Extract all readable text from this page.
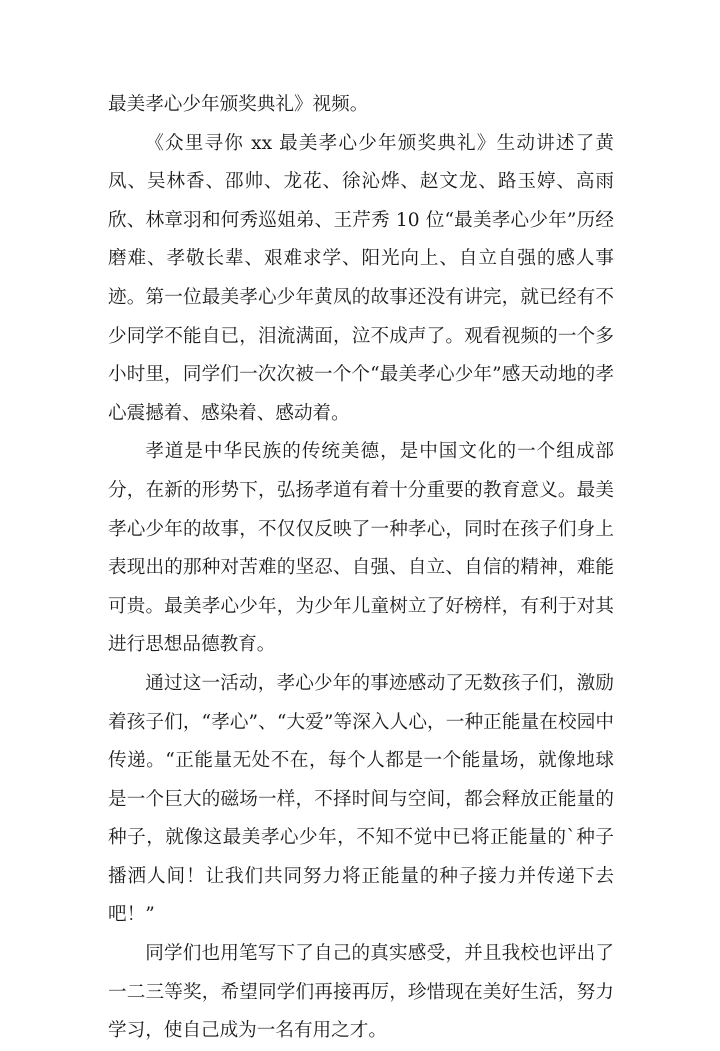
最美孝心少年颁奖典礼》视频。

《众里寻你 xx 最美孝心少年颁奖典礼》生动讲述了黄凤、吴林香、邵帅、龙花、徐沁烨、赵文龙、路玉婷、高雨欣、林章羽和何秀巡姐弟、王芹秀 10 位“最美孝心少年”历经磨难、孝敬长辈、艰难求学、阳光向上、自立自强的感人事迹。第一位最美孝心少年黄凤的故事还没有讲完，就已经有不少同学不能自已，泪流满面，泣不成声了。观看视频的一个多小时里，同学们一次次被一个个“最美孝心少年”感天动地的孝心震撼着、感染着、感动着。

孝道是中华民族的传统美德，是中国文化的一个组成部分，在新的形势下，弘扬孝道有着十分重要的教育意义。最美孝心少年的故事，不仅仅反映了一种孝心，同时在孩子们身上表现出的那种对苦难的坚忍、自强、自立、自信的精神，难能可贵。最美孝心少年，为少年儿童树立了好榜样，有利于对其进行思想品德教育。

通过这一活动，孝心少年的事迹感动了无数孩子们，激励着孩子们，“孝心”、“大爱”等深入人心，一种正能量在校园中传递。“正能量无处不在，每个人都是一个能量场，就像地球是一个巨大的磁场一样，不择时间与空间，都会释放正能量的种子，就像这最美孝心少年，不知不觉中已将正能量的`种子播洒人间！让我们共同努力将正能量的种子接力并传递下去吧！”

同学们也用笔写下了自己的真实感受，并且我校也评出了一二三等奖，希望同学们再接再厉，珍惜现在美好生活，努力学习，使自己成为一名有用之才。
